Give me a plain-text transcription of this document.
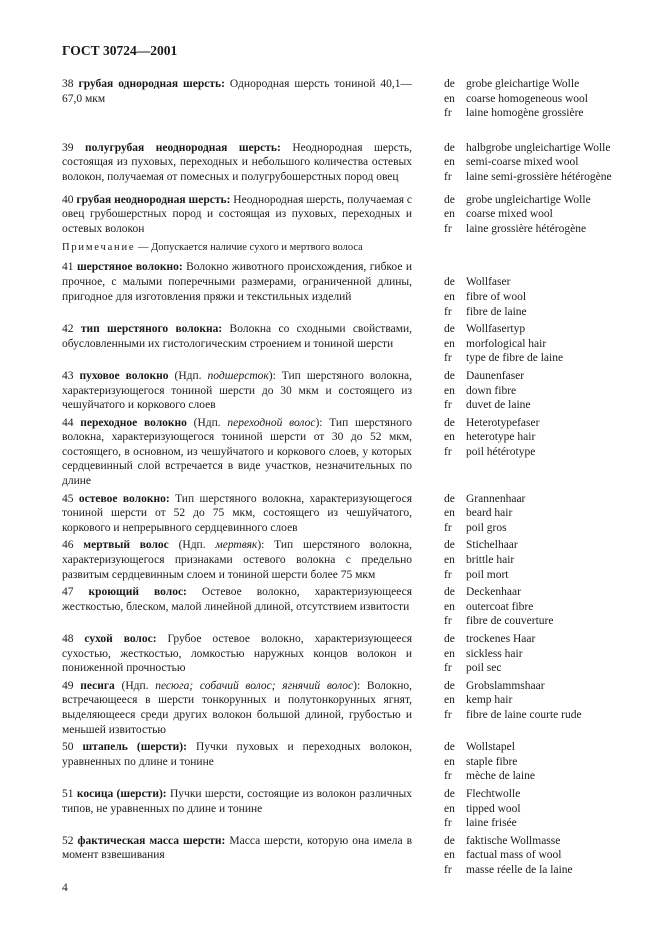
ГОСТ 30724—2001
38 грубая однородная шерсть: Однородная шерсть тониной 40,1—67,0 мкм
de grobe gleichartige Wolle
en coarse homogeneous wool
fr	laine homogène grossière
39 полугрубая неоднородная шерсть: Неоднородная шерсть, состоящая из пуховых, переходных и небольшого количества остевых волокон, получаемая от помесных и полугрубошерстных пород овец
de halbgrobe ungleichartige Wolle
en semi-coarse mixed wool
fr	laine semi-grossière hétérogène
40 грубая неоднородная шерсть: Неоднородная шерсть, получаемая с овец грубошерстных пород и состоящая из пуховых, переходных и остевых волокон
de grobe ungleichartige Wolle
en coarse mixed wool
fr	laine grossière hétérogène
Примечание — Допускается наличие сухого и мертвого волоса
41 шерстяное волокно: Волокно животного происхождения, гибкое и прочное, с малыми поперечными размерами, ограниченной длины, пригодное для изготовления пряжи и текстильных изделий
de Wollfaser
en fibre of wool
fr	fibre de laine
42 тип шерстяного волокна: Волокна со сходными свойствами, обусловленными их гистологическим строением и тониной шерсти
de Wollfasertyp
en morfological hair
fr	type de fibre de laine
43 пуховое волокно (Ндп. подшерсток): Тип шерстяного волокна, характеризующегося тониной шерсти до 30 мкм и состоящего из чешуйчатого и коркового слоев
de Daunenfaser
en down fibre
fr	duvet de laine
44 переходное волокно (Ндп. переходной волос): Тип шерстяного волокна, характеризующегося тониной шерсти от 30 до 52 мкм, состоящего, в основном, из чешуйчатого и коркового слоев, у которых сердцевинный слой встречается в виде участков, незначительных по длине
de Heterotypefaser
en heterotype hair
fr	poil hétérotype
45 остевое волокно: Тип шерстяного волокна, характеризующегося тониной шерсти от 52 до 75 мкм, состоящего из чешуйчатого, коркового и непрерывного сердцевинного слоев
de Grannenhaar
en beard hair
fr	poil gros
46 мертвый волос (Ндп. мертвяк): Тип шерстяного волокна, характеризующегося признаками остевого волокна с предельно развитым сердцевинным слоем и тониной шерсти более 75 мкм
de Stichelhaar
en brittle hair
fr	poil mort
47 кроющий волос: Остевое волокно, характеризующееся жесткостью, блеском, малой линейной длиной, отсутствием извитости
de Deckenhaar
en outercoat fibre
fr	fibre de couverture
48 сухой волос: Грубое остевое волокно, характеризующееся сухостью, жесткостью, ломкостью наружных концов волокон и пониженной прочностью
de trockenes Haar
en sickless hair
fr	poil sec
49 песига (Ндп. песюга; собачий волос; ягнячий волос): Волокно, встречающееся в шерсти тонкорунных и полутонкорунных ягнят, выделяющееся среди других волокон большой длиной, грубостью и меньшей извитостью
de Grobslammshaar
en kemp hair
fr	fibre de laine courte rude
50 штапель (шерсти): Пучки пуховых и переходных волокон, уравненных по длине и тонине
de Wollstapel
en staple fibre
fr	mèche de laine
51 косица (шерсти): Пучки шерсти, состоящие из волокон различных типов, не уравненных по длине и тонине
de Flechtwolle
en tipped wool
fr	laine frisée
52 фактическая масса шерсти: Масса шерсти, которую она имела в момент взвешивания
de faktische Wollmasse
en factual mass of wool
fr	masse réelle de la laine
4
